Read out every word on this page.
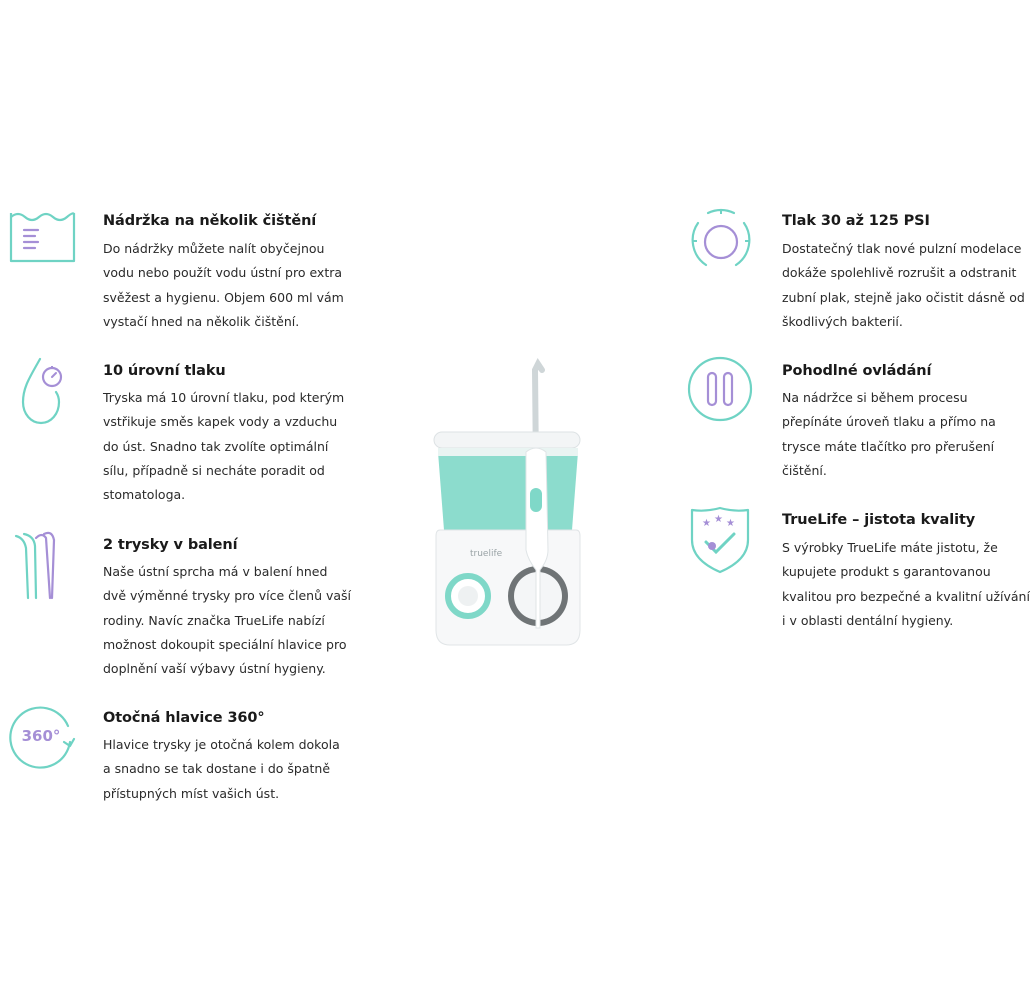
Nádržka na několik čištění
Do nádržky můžete nalít obyčejnou
vodu nebo použít vodu ústní pro extra
svěžest a hygienu. Objem 600 ml vám
vystačí hned na několik čištění.
10 úrovní tlaku
Tryska má 10 úrovní tlaku, pod kterým
vstřikuje směs kapek vody a vzduchu
do úst. Snadno tak zvolíte optimální
sílu, případně si necháte poradit od
stomatologa.
2 trysky v balení
Naše ústní sprcha má v balení hned
dvě výměnné trysky pro více členů vaší
rodiny. Navíc značka TrueLife nabízí
možnost dokoupit speciální hlavice pro
doplnění vaší výbavy ústní hygieny.
360°
Otočná hlavice 360°
Hlavice trysky je otočná kolem dokola
a snadno se tak dostane i do špatně
přístupných míst vašich úst.
truelife
Tlak 30 až 125 PSI
Dostatečný tlak nové pulzní modelace
dokáže spolehlivě rozrušit a odstranit
zubní plak, stejně jako očistit dásně od
škodlivých bakterií.
Pohodlné ovládání
Na nádržce si během procesu
přepínáte úroveň tlaku a přímo na
trysce máte tlačítko pro přerušení
čištění.
★ ★ ★	TrueLife – jistota kvality
S výrobky TrueLife máte jistotu, že
kupujete produkt s garantovanou
kvalitou pro bezpečné a kvalitní užívání
i v oblasti dentální hygieny.
